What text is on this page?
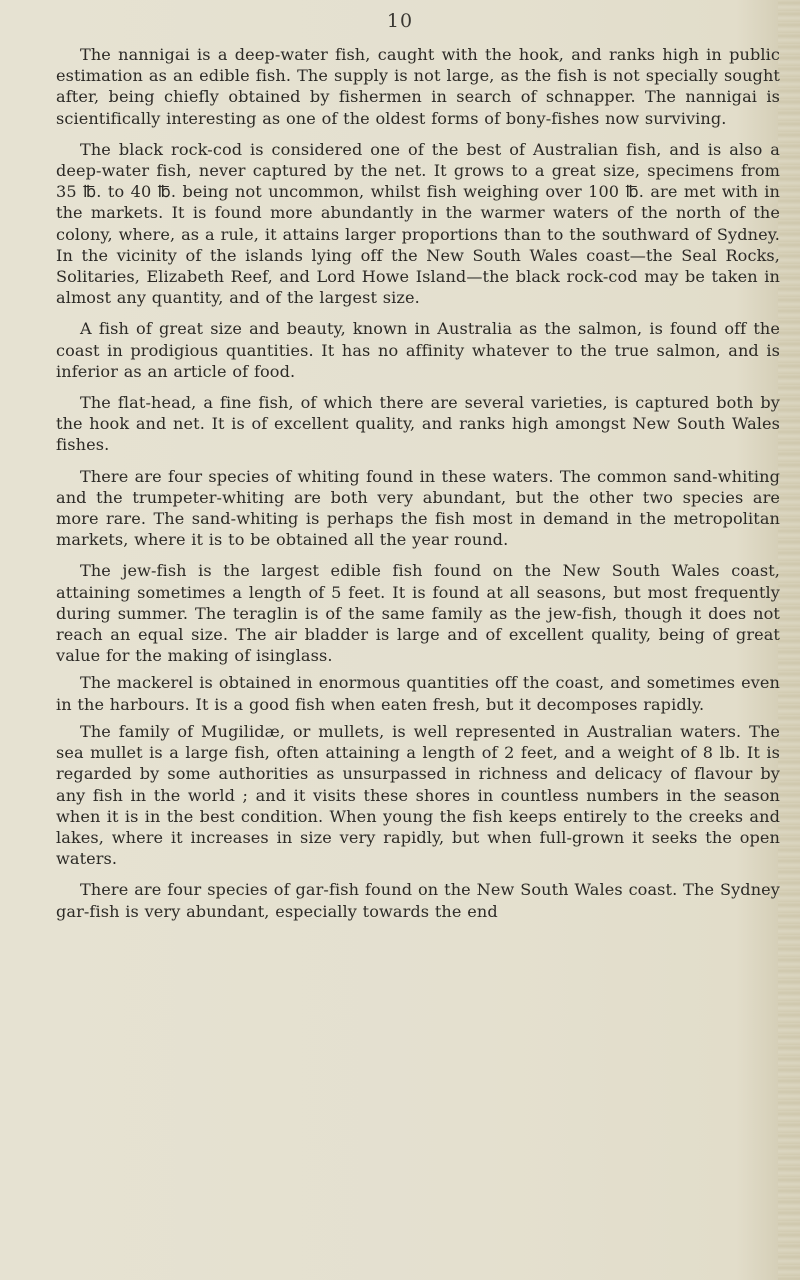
10

The nannigai is a deep-water fish, caught with the hook, and ranks high in public estimation as an edible fish. The supply is not large, as the fish is not specially sought after, being chiefly obtained by fishermen in search of schnapper. The nannigai is scientifically interesting as one of the oldest forms of bony-fishes now surviving.

The black rock-cod is considered one of the best of Australian fish, and is also a deep-water fish, never captured by the net. It grows to a great size, specimens from 35 ℔. to 40 ℔. being not uncommon, whilst fish weighing over 100 ℔. are met with in the markets. It is found more abundantly in the warmer waters of the north of the colony, where, as a rule, it attains larger proportions than to the southward of Sydney. In the vicinity of the islands lying off the New South Wales coast—the Seal Rocks, Solitaries, Elizabeth Reef, and Lord Howe Island—the black rock-cod may be taken in almost any quantity, and of the largest size.

A fish of great size and beauty, known in Australia as the salmon, is found off the coast in prodigious quantities. It has no affinity whatever to the true salmon, and is inferior as an article of food.

The flat-head, a fine fish, of which there are several varieties, is captured both by the hook and net. It is of excellent quality, and ranks high amongst New South Wales fishes.

There are four species of whiting found in these waters. The common sand-whiting and the trumpeter-whiting are both very abundant, but the other two species are more rare. The sand-whiting is perhaps the fish most in demand in the metropolitan markets, where it is to be obtained all the year round.

The jew-fish is the largest edible fish found on the New South Wales coast, attaining sometimes a length of 5 feet. It is found at all seasons, but most frequently during summer. The teraglin is of the same family as the jew-fish, though it does not reach an equal size. The air bladder is large and of excellent quality, being of great value for the making of isinglass.

The mackerel is obtained in enormous quantities off the coast, and sometimes even in the harbours. It is a good fish when eaten fresh, but it decomposes rapidly.

The family of Mugilidæ, or mullets, is well represented in Australian waters. The sea mullet is a large fish, often attaining a length of 2 feet, and a weight of 8 lb. It is regarded by some authorities as unsurpassed in richness and delicacy of flavour by any fish in the world ; and it visits these shores in countless numbers in the season when it is in the best condition. When young the fish keeps entirely to the creeks and lakes, where it increases in size very rapidly, but when full-grown it seeks the open waters.

There are four species of gar-fish found on the New South Wales coast. The Sydney gar-fish is very abundant, especially towards the end
